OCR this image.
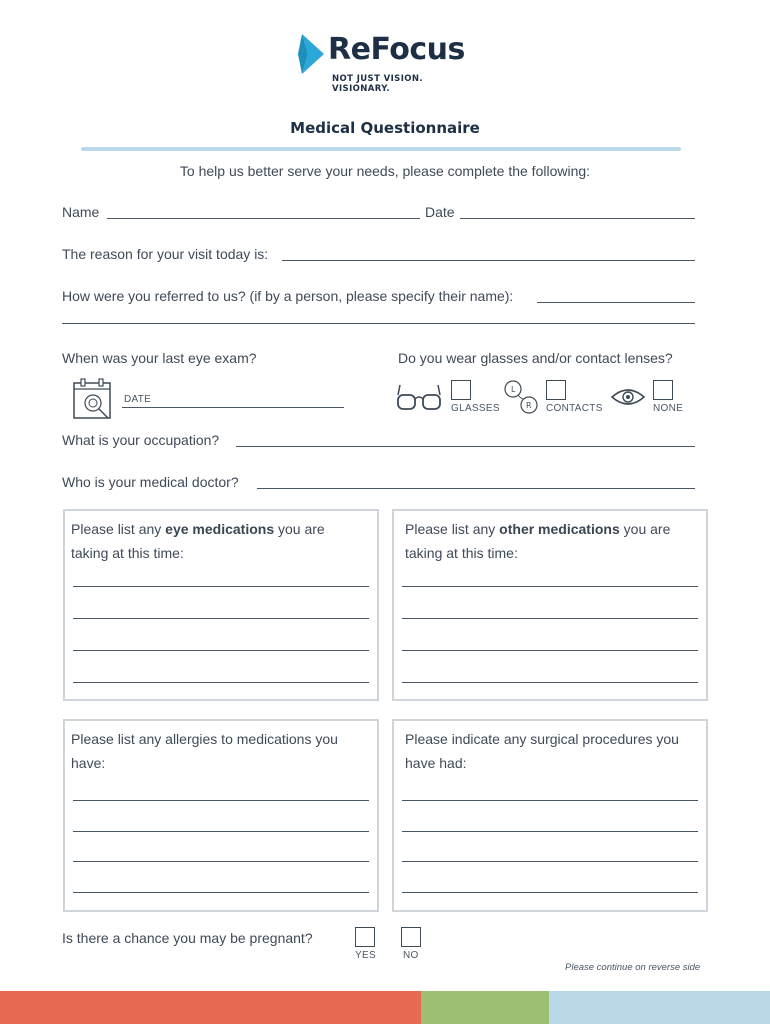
ReFocus
NOT JUST VISION. VISIONARY.
Medical Questionnaire
To help us better serve your needs, please complete the following:
Name	Date
The reason for your visit today is:
How were you referred to us? (if by a person, please specify their name):
When was your last eye exam?
DATE
Do you wear glasses and/or contact lenses?
GLASSES
L
R CONTACTS	NONE
What is your occupation?
Who is your medical doctor?
Please list any eye medications you are taking at this time:
Please list any other medications you are taking at this time:
Please list any allergies to medications you have:
Please indicate any surgical procedures you have had:
Is there a chance you may be pregnant?
YES	NO
Please continue on reverse side
